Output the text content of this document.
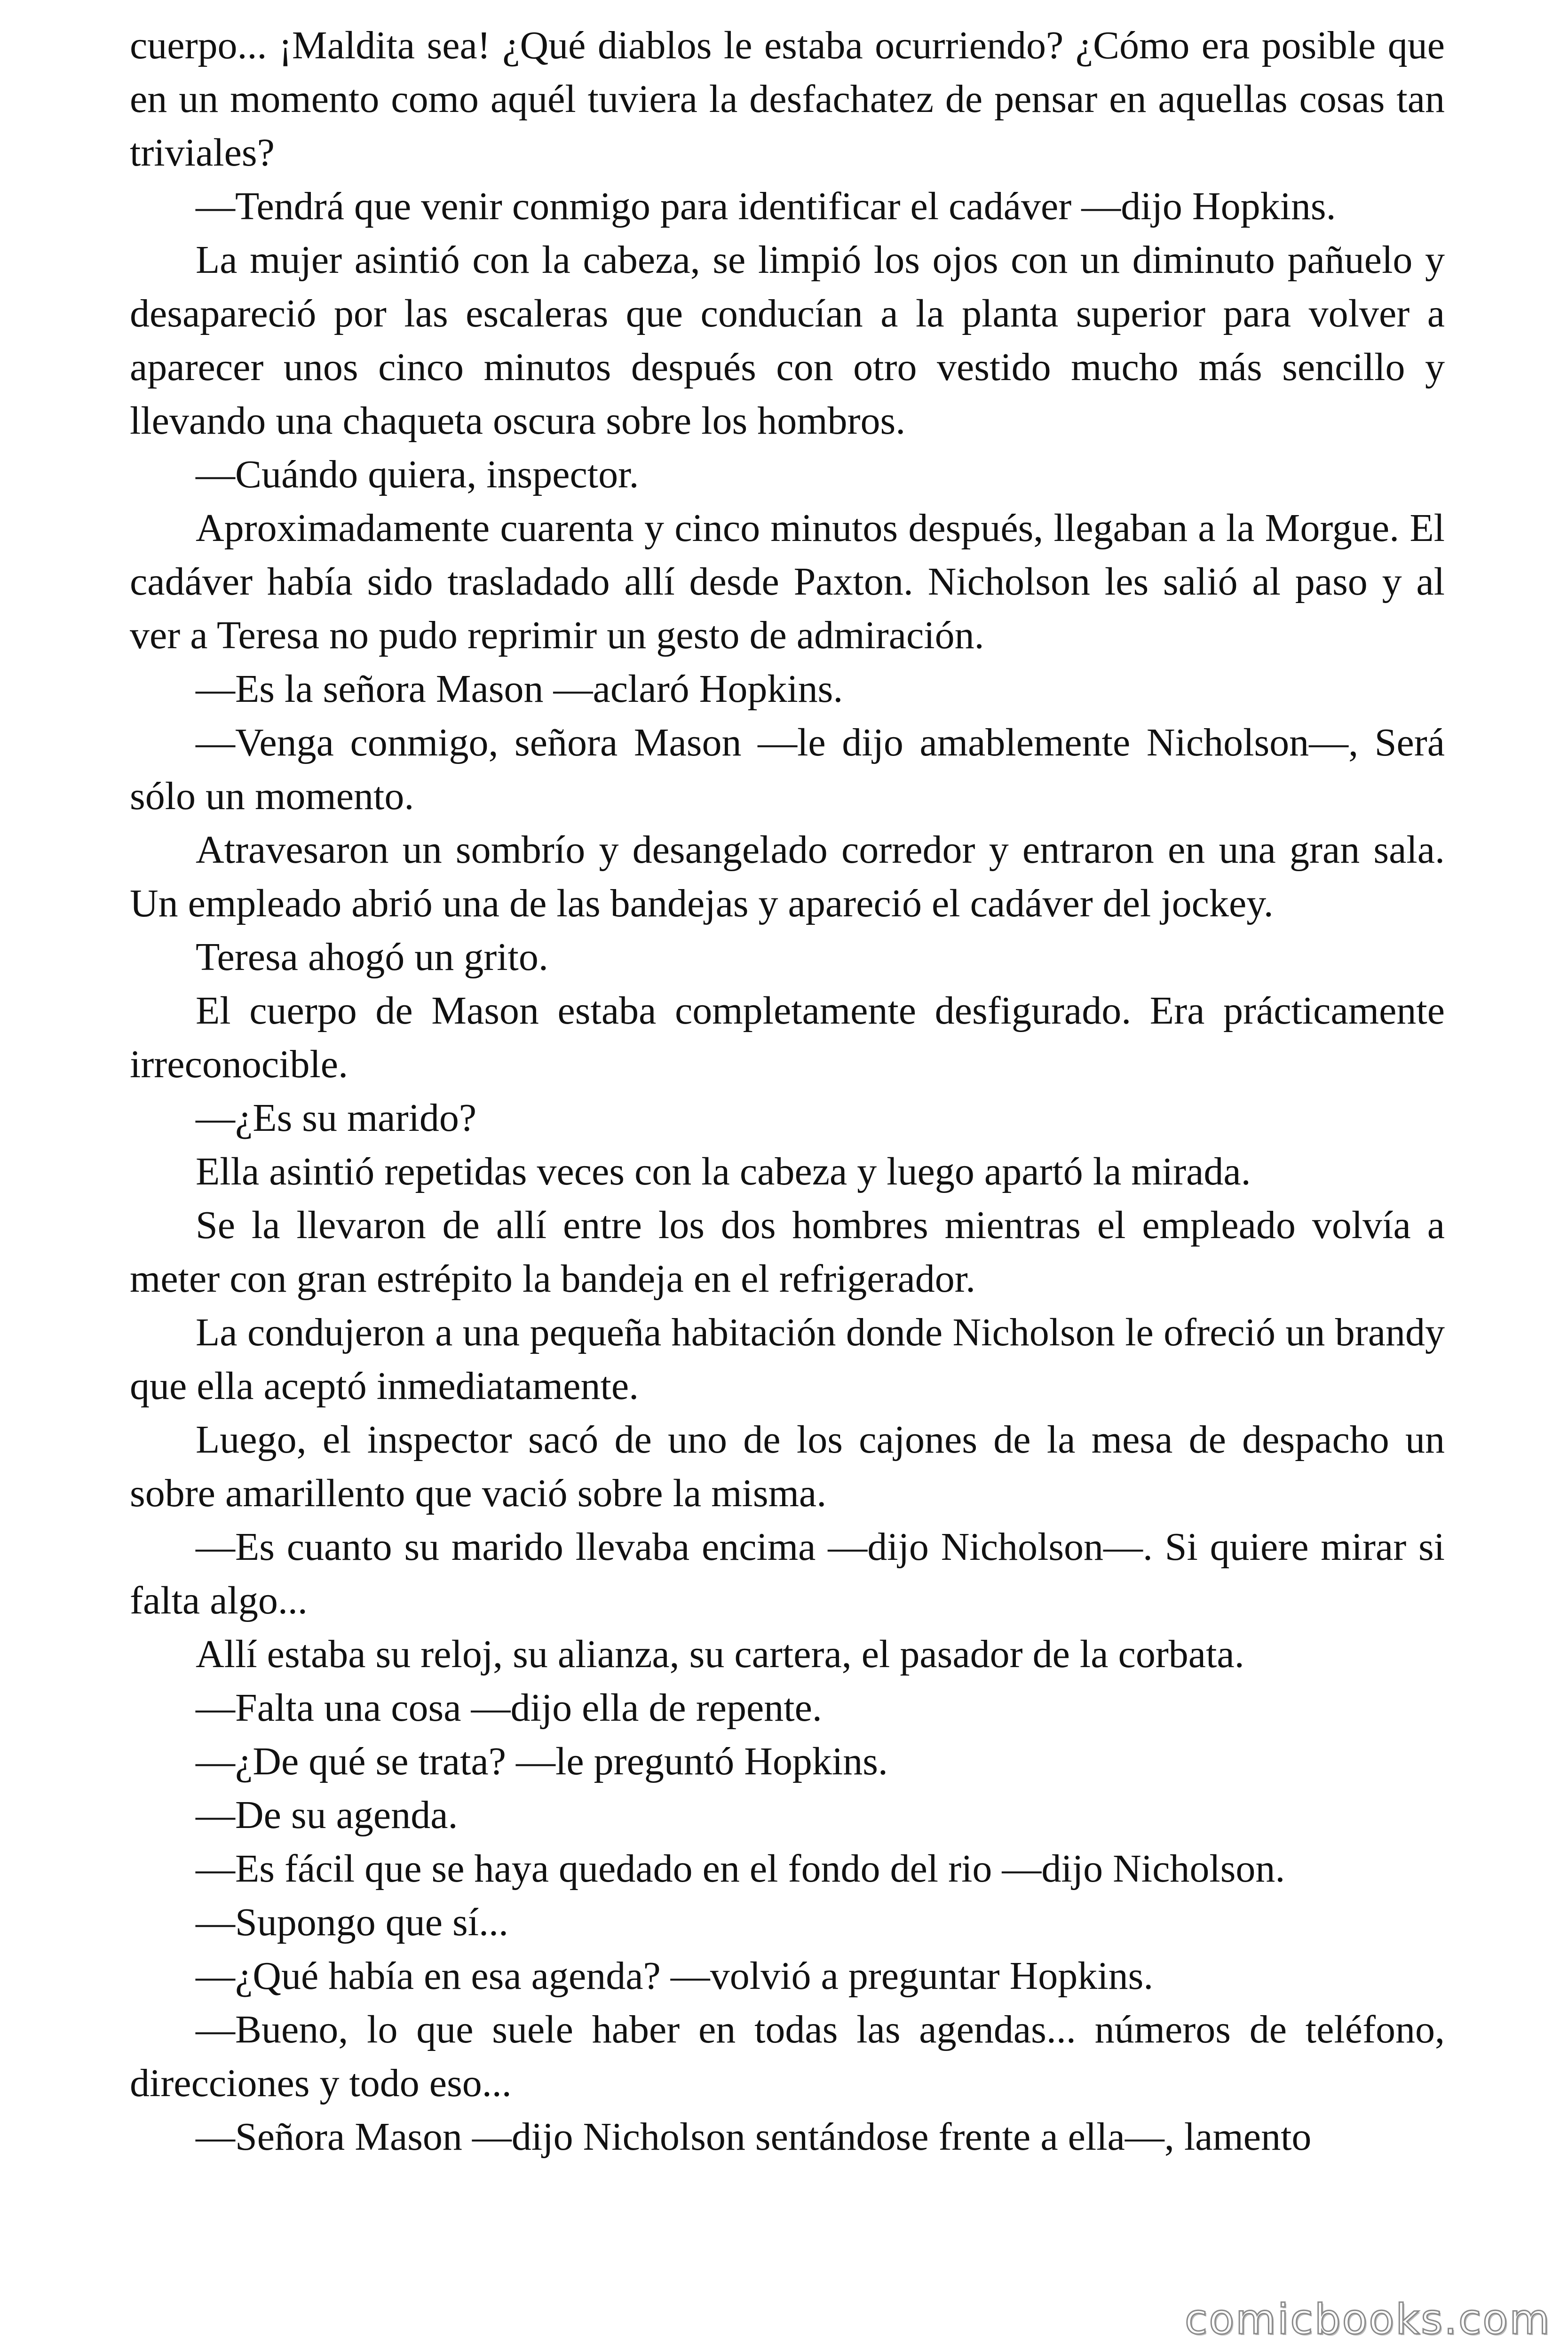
cuerpo... ¡Maldita sea! ¿Qué diablos le estaba ocurriendo? ¿Cómo era posible que en un momento como aquél tuviera la desfachatez de pensar en aquellas cosas tan triviales?

—Tendrá que venir conmigo para identificar el cadáver —dijo Hopkins.

La mujer asintió con la cabeza, se limpió los ojos con un diminuto pañuelo y desapareció por las escaleras que conducían a la planta superior para volver a aparecer unos cinco minutos después con otro vestido mucho más sencillo y llevando una chaqueta oscura sobre los hombros.

—Cuándo quiera, inspector.

Aproximadamente cuarenta y cinco minutos después, llegaban a la Morgue. El cadáver había sido trasladado allí desde Paxton. Nicholson les salió al paso y al ver a Teresa no pudo reprimir un gesto de admiración.

—Es la señora Mason —aclaró Hopkins.

—Venga conmigo, señora Mason —le dijo amablemente Nicholson—, Será sólo un momento.

Atravesaron un sombrío y desangelado corredor y entraron en una gran sala. Un empleado abrió una de las bandejas y apareció el cadáver del jockey.

Teresa ahogó un grito.

El cuerpo de Mason estaba completamente desfigurado. Era prácticamente irreconocible.

—¿Es su marido?

Ella asintió repetidas veces con la cabeza y luego apartó la mirada.

Se la llevaron de allí entre los dos hombres mientras el empleado volvía a meter con gran estrépito la bandeja en el refrigerador.

La condujeron a una pequeña habitación donde Nicholson le ofreció un brandy que ella aceptó inmediatamente.

Luego, el inspector sacó de uno de los cajones de la mesa de despacho un sobre amarillento que vació sobre la misma.

—Es cuanto su marido llevaba encima —dijo Nicholson—. Si quiere mirar si falta algo...

Allí estaba su reloj, su alianza, su cartera, el pasador de la corbata.

—Falta una cosa —dijo ella de repente.

—¿De qué se trata? —le preguntó Hopkins.

—De su agenda.

—Es fácil que se haya quedado en el fondo del rio —dijo Nicholson.

—Supongo que sí...

—¿Qué había en esa agenda? —volvió a preguntar Hopkins.

—Bueno, lo que suele haber en todas las agendas... números de teléfono, direcciones y todo eso...

—Señora Mason —dijo Nicholson sentándose frente a ella—, lamento

comicbooks.com
